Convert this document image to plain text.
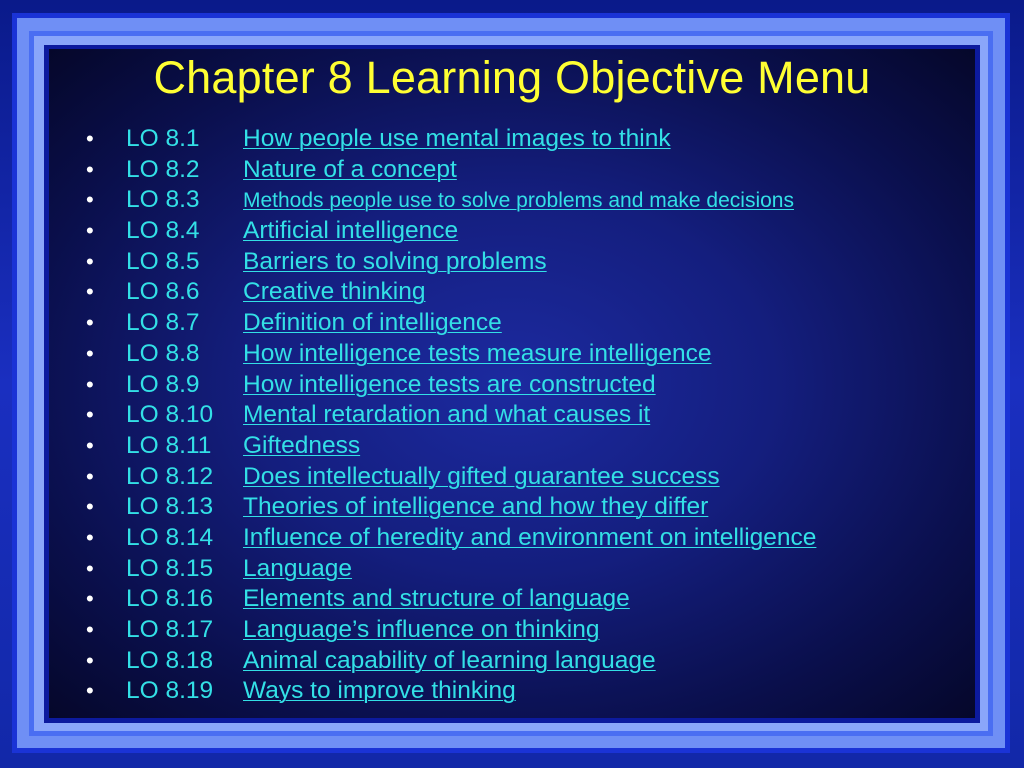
Chapter 8 Learning Objective Menu
• LO 8.1 How people use mental images to think
• LO 8.2 Nature of a concept
• LO 8.3 Methods people use to solve problems and make decisions
• LO 8.4 Artificial intelligence
• LO 8.5 Barriers to solving problems
• LO 8.6 Creative thinking
• LO 8.7 Definition of intelligence
• LO 8.8 How intelligence tests measure intelligence
• LO 8.9 How intelligence tests are constructed
• LO 8.10 Mental retardation and what causes it
• LO 8.11 Giftedness
• LO 8.12 Does intellectually gifted guarantee success
• LO 8.13 Theories of intelligence and how they differ
• LO 8.14 Influence of heredity and environment on intelligence
• LO 8.15 Language
• LO 8.16 Elements and structure of language
• LO 8.17 Language’s influence on thinking
• LO 8.18 Animal capability of learning language
• LO 8.19 Ways to improve thinking
